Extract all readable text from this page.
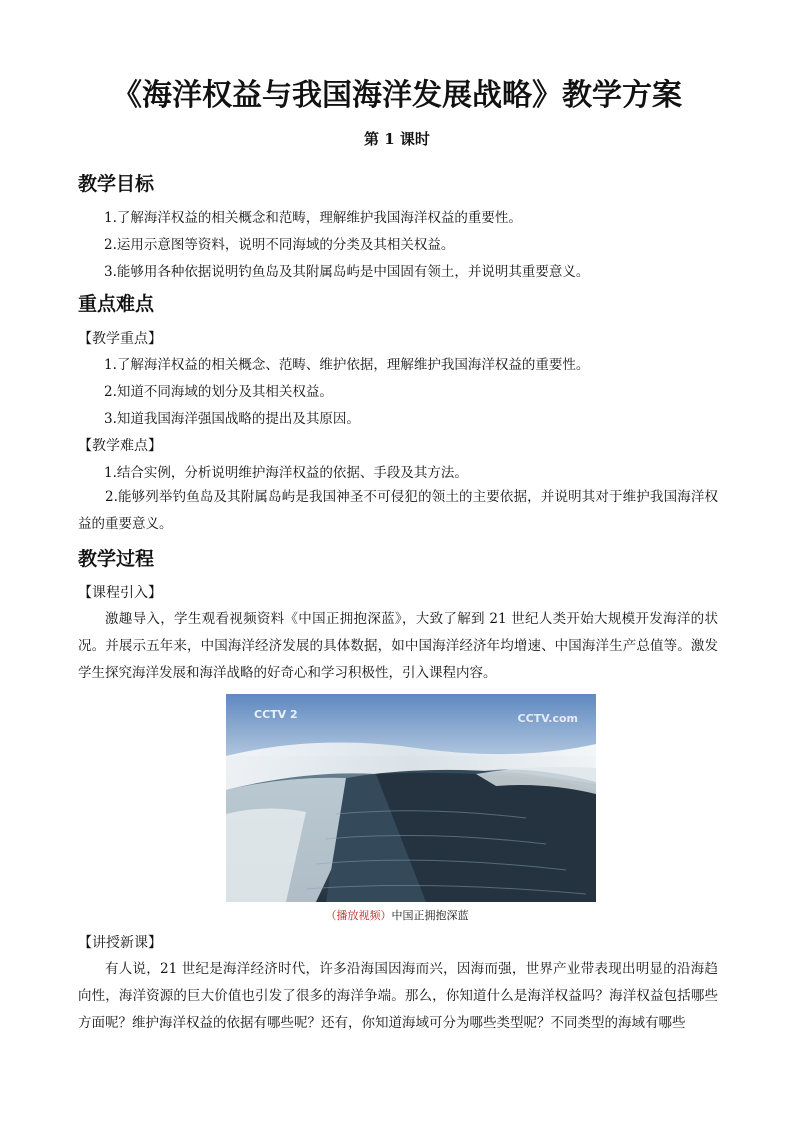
《海洋权益与我国海洋发展战略》教学方案
第 1 课时
教学目标
1.了解海洋权益的相关概念和范畴，理解维护我国海洋权益的重要性。
2.运用示意图等资料，说明不同海域的分类及其相关权益。
3.能够用各种依据说明钓鱼岛及其附属岛屿是中国固有领土，并说明其重要意义。
重点难点
【教学重点】
1.了解海洋权益的相关概念、范畴、维护依据，理解维护我国海洋权益的重要性。
2.知道不同海域的划分及其相关权益。
3.知道我国海洋强国战略的提出及其原因。
【教学难点】
1.结合实例，分析说明维护海洋权益的依据、手段及其方法。
2.能够列举钓鱼岛及其附属岛屿是我国神圣不可侵犯的领土的主要依据，并说明其对于维护我国海洋权益的重要意义。
教学过程
【课程引入】
激趣导入，学生观看视频资料《中国正拥抱深蓝》，大致了解到 21 世纪人类开始大规模开发海洋的状况。并展示五年来，中国海洋经济发展的具体数据，如中国海洋经济年均增速、中国海洋生产总值等。激发学生探究海洋发展和海洋战略的好奇心和学习积极性，引入课程内容。
CCTV 2	CCTV.com
（播放视频）中国正拥抱深蓝
【讲授新课】
有人说，21 世纪是海洋经济时代，许多沿海国因海而兴，因海而强，世界产业带表现出明显的沿海趋向性，海洋资源的巨大价值也引发了很多的海洋争端。那么，你知道什么是海洋权益吗？海洋权益包括哪些方面呢？维护海洋权益的依据有哪些呢？还有，你知道海域可分为哪些类型呢？不同类型的海域有哪些
